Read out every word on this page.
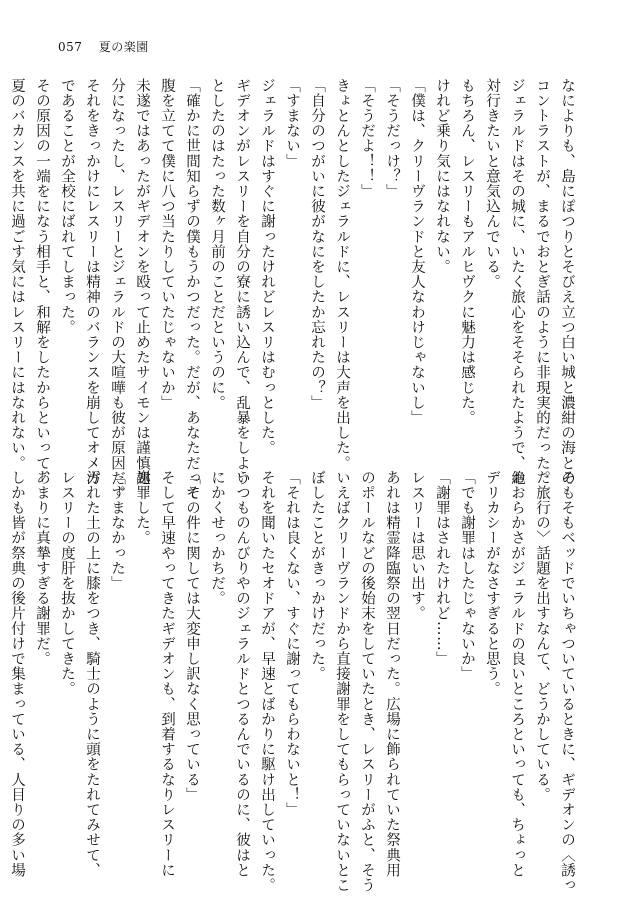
057 夏の楽園
なによりも、島にぽつりとそびえ立つ白い城と濃紺の海との
コントラストが、まるでおとぎ話のように非現実的だった。
ジェラルドはその城に、いたく旅心をそそられたようで、絶
対行きたいと意気込んでいる。
もちろん、レスリーもアルヒヴクに魅力は感じた。
けれど乗り気にはなれない。
「僕は、クリーヴランドと友人なわけじゃないし」
「そうだっけ？」
「そうだよ！！」
きょとんとしたジェラルドに、レスリーは大声を出した。
「自分のつがいに彼がなにをしたか忘れたの？」
「すまない」
ジェラルドはすぐに謝ったけれどレスリはむっとした。
ギデオンがレスリーを自分の寮に誘い込んで、乱暴をしよう
としたのはたった数ヶ月前のことだというのに。
「確かに世間知らずの僕もうかつだった。だが、あなただって
腹を立てて僕に八つ当たりしていたじゃないか」
未遂ではあったがギデオンを殴って止めたサイモンは謹慎処
分になったし、レスリーとジェラルドの大喧嘩も彼が原因だ。
それをきっかけにレスリーは精神のバランスを崩してオメガ
であることが全校にばれてしまった。
その原因の一端をになう相手と、和解をしたからといって、
夏のバカンスを共に過ごす気にはレスリーにはなれない。
そもそもベッドでいちゃついているときに、ギデオンの〈誘っ
た旅行の〉話題を出すなんて、どうかしている。
おおらかさがジェラルドの良いところといっても、ちょっと
デリカシーがなさすぎると思う。
「でも謝罪はしたじゃないか」
「謝罪はされたけれど……」
レスリーは思い出す。
あれは精霊降臨祭の翌日だった。広場に飾られていた祭典用
のポールなどの後始末をしていたとき、レスリーがふと、そう
いえばクリーヴランドから直接謝罪をしてもらっていないとこ
ぼしたことがきっかけだった。
「それは良くない、すぐに謝ってもらわないと！」
それを聞いたセオドアが、早速とばかりに駆け出していった。
いつものんびりやのジェラルドとつるんでいるのに、彼はと
にかくせっかちだ。
「その件に関しては大変申し訳なく思っている」
そして早速やってきたギデオンも、到着するなりレスリーに
謝罪した。
「すまなかった」
汚れた土の上に膝をつき、騎士のように頭をたれてみせて、
レスリーの度肝を抜かしてきた。
あまりに真摯すぎる謝罪だ。
しかも皆が祭典の後片付けで集まっている、人目りの多い場
